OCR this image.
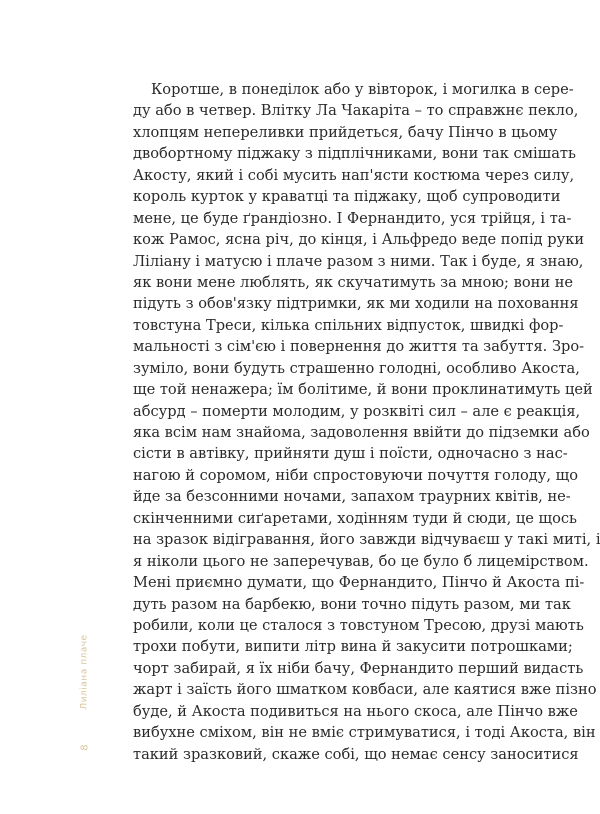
Коротше, в понеділок або у вівторок, і могилка в сере-
ду або в четвер. Влітку Ла Чакаріта – то справжнє пекло,
хлопцям непереливки прийдеться, бачу Пінчо в цьому
двобортному піджаку з підплічниками, вони так смішать
Акосту, який і собі мусить нап'ясти костюма через силу,
король курток у краватці та піджаку, щоб супроводити
мене, це буде ґрандіозно. І Фернандито, уся трійця, і та-
кож Рамос, ясна річ, до кінця, і Альфредо веде попід руки
Ліліану і матусю і плаче разом з ними. Так і буде, я знаю,
як вони мене люблять, як скучатимуть за мною; вони не
підуть з обов'язку підтримки, як ми ходили на поховання
товстуна Треси, кілька спільних відпусток, швидкі фор-
мальності з сім'єю і повернення до життя та забуття. Зро-
зуміло, вони будуть страшенно голодні, особливо Акоста,
ще той ненажера; їм болітиме, й вони проклинатимуть цей
абсурд – померти молодим, у розквіті сил – але є реакція,
яка всім нам знайома, задоволення ввійти до підземки або
сісти в автівку, прийняти душ і поїсти, одночасно з нас-
нагою й соромом, ніби спростовуючи почуття голоду, що
йде за безсонними ночами, запахом траурних квітів, не-
скінченними сиґаретами, ходінням туди й сюди, це щось
на зразок відігравання, його завжди відчуваєш у такі миті, і
я ніколи цього не заперечував, бо це було б лицемірством.
Мені приємно думати, що Фернандито, Пінчо й Акоста пі-
дуть разом на барбекю, вони точно підуть разом, ми так
робили, коли це сталося з товстуном Тресою, друзі мають
трохи побути, випити літр вина й закусити потрошками;
чорт забирай, я їх ніби бачу, Фернандито перший видасть
жарт і заїсть його шматком ковбаси, але каятися вже пізно
буде, й Акоста подивиться на нього скоса, але Пінчо вже
вибухне сміхом, він не вміє стримуватися, і тоді Акоста, він
такий зразковий, скаже собі, що немає сенсу заноситися
Лиліана плаче
8
